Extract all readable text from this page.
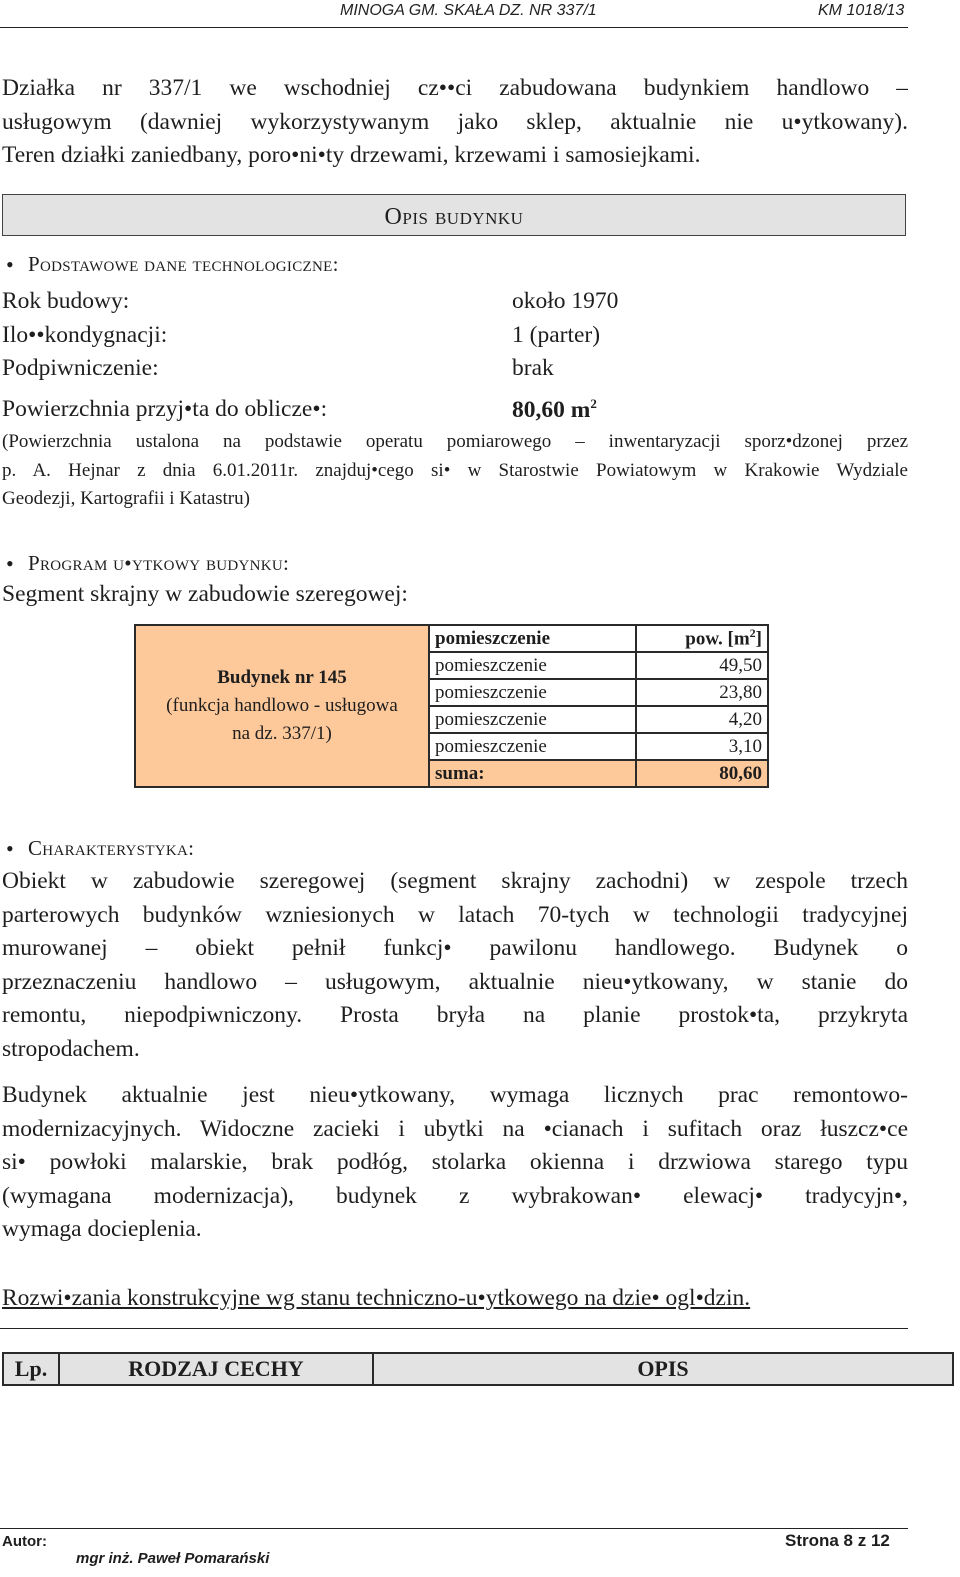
MINOGA GM. SKAŁA DZ. NR 337/1	KM 1018/13
Działka nr 337/1 we wschodniej cz••ci zabudowana budynkiem handlowo –
usługowym (dawniej wykorzystywanym jako sklep, aktualnie nie u•ytkowany).
Teren działki zaniedbany, poro•ni•ty drzewami, krzewami i samosiejkami.
Opis budynku
• Podstawowe dane technologiczne:
Rok budowy:	około 1970
Ilo••kondygnacji:	1 (parter)
Podpiwniczenie:	brak
Powierzchnia przyj•ta do oblicze•:	80,60 $m^2$
(Powierzchnia ustalona na podstawie operatu pomiarowego – inwentaryzacji sporz•dzonej przez
p. A. Hejnar z dnia 6.01.2011r. znajduj•cego si• w Starostwie Powiatowym w Krakowie Wydziale
Geodezji, Kartografii i Katastru)
• Program u•ytkowy budynku:
Segment skrajny w zabudowie szeregowej:
Budynek nr 145
(funkcja handlowo - usługowa
na dz. 337/1)	pomieszczenie	pow. $[m^2]$
	pomieszczenie	49,50
	pomieszczenie	23,80
	pomieszczenie	4,20
	pomieszczenie	3,10
	suma:	80,60
• Charakterystyka:
Obiekt w zabudowie szeregowej (segment skrajny zachodni) w zespole trzech
parterowych budynków wzniesionych w latach 70-tych w technologii tradycyjnej
murowanej – obiekt pełnił funkcj• pawilonu handlowego. Budynek o
przeznaczeniu handlowo – usługowym, aktualnie nieu•ytkowany, w stanie do
remontu, niepodpiwniczony. Prosta bryła na planie prostok•ta, przykryta
stropodachem.
Budynek aktualnie jest nieu•ytkowany, wymaga licznych prac remontowo-
modernizacyjnych. Widoczne zacieki i ubytki na •cianach i sufitach oraz łuszcz•ce
si• powłoki malarskie, brak podłóg, stolarka okienna i drzwiowa starego typu
(wymagana modernizacja), budynek z wybrakowan• elewacj• tradycyjn•,
wymaga docieplenia.
Rozwi•zania konstrukcyjne wg stanu techniczno-u•ytkowego na dzie• ogl•dzin.
Lp.	RODZAJ CECHY	OPIS
Autor:
mgr inż. Paweł Pomarański
Strona 8 z 12
